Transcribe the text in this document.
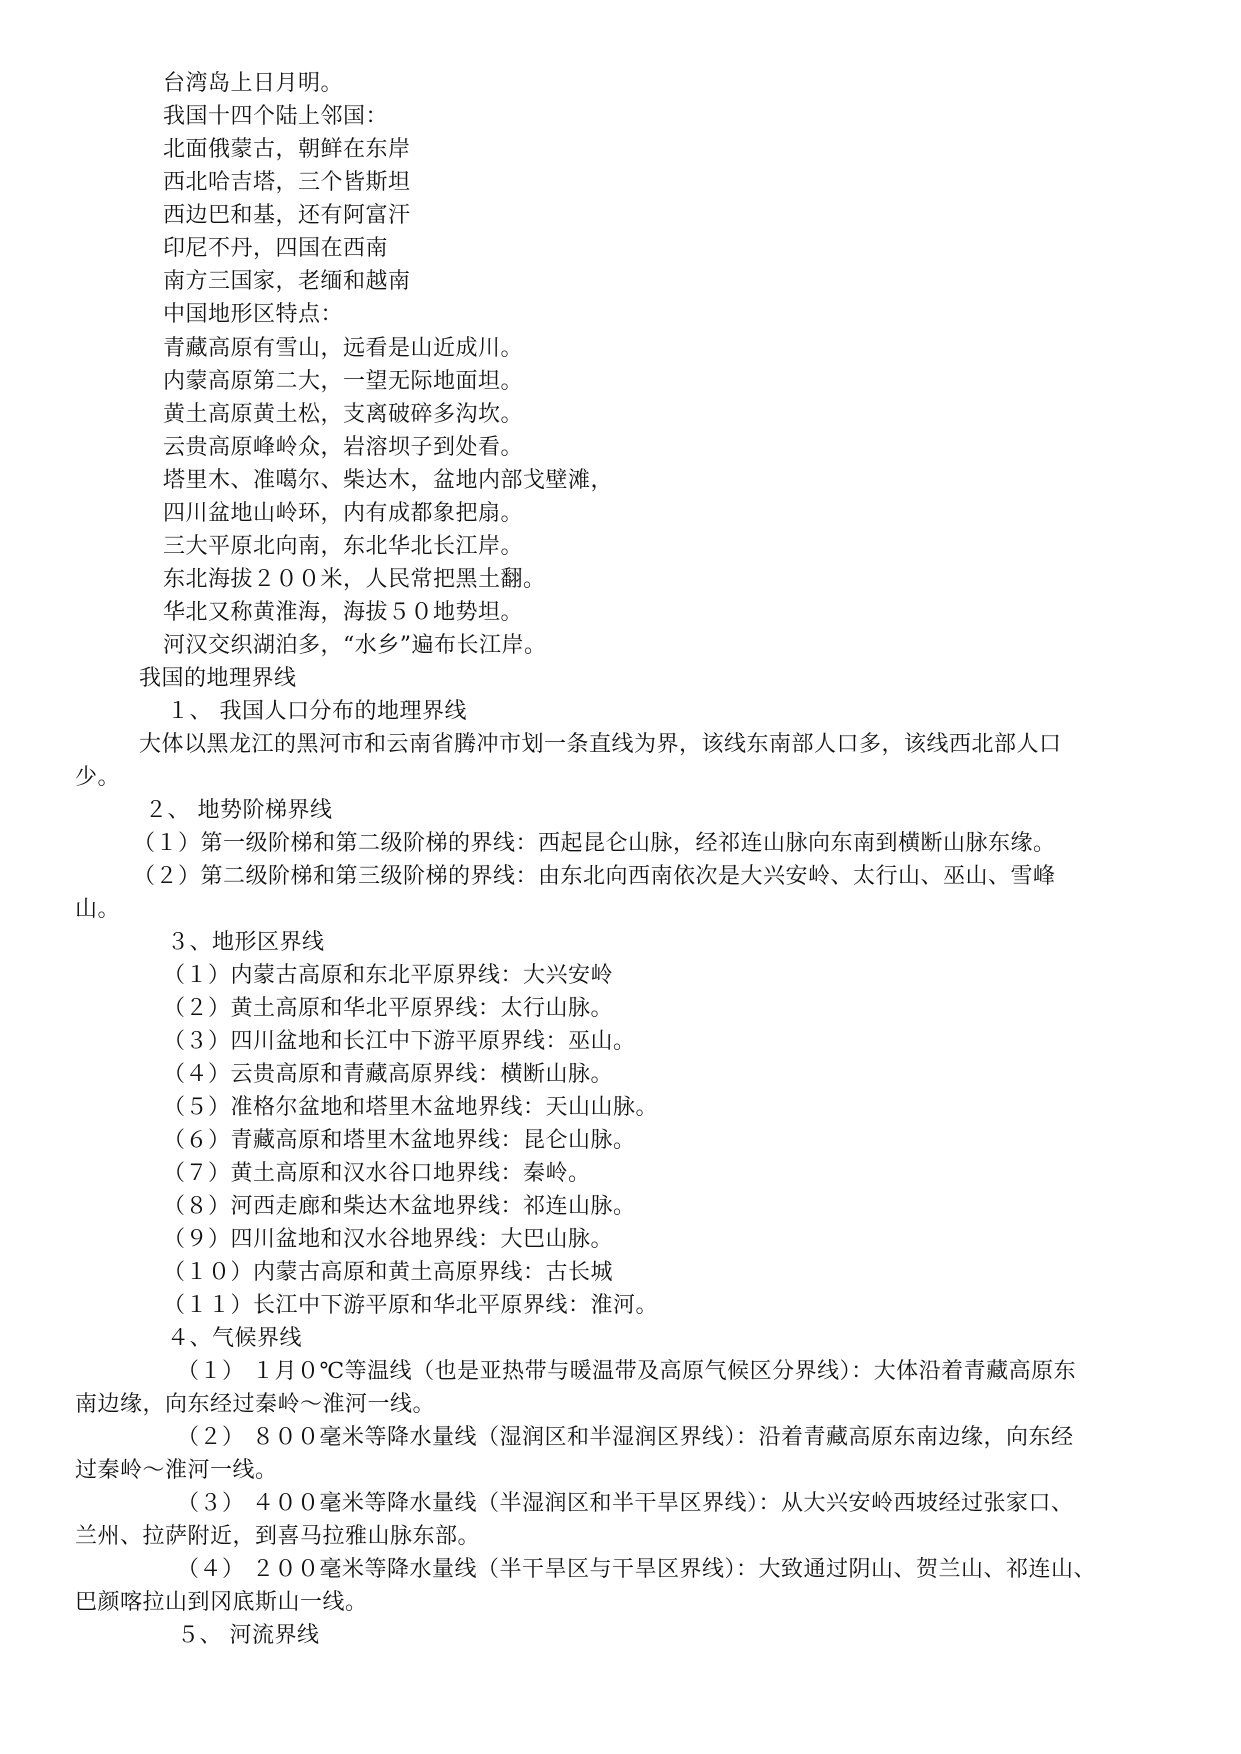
台湾岛上日月明。
我国十四个陆上邻国：
北面俄蒙古，朝鲜在东岸
西北哈吉塔，三个皆斯坦
西边巴和基，还有阿富汗
印尼不丹，四国在西南
南方三国家，老缅和越南
中国地形区特点：
青藏高原有雪山，远看是山近成川。
内蒙高原第二大，一望无际地面坦。
黄土高原黄土松，支离破碎多沟坎。
云贵高原峰岭众，岩溶坝子到处看。
塔里木、准噶尔、柴达木，盆地内部戈壁滩，
四川盆地山岭环，内有成都象把扇。
三大平原北向南，东北华北长江岸。
东北海拔２００米，人民常把黑土翻。
华北又称黄淮海，海拔５０地势坦。
河汉交织湖泊多，“水乡”遍布长江岸。
我国的地理界线
１、 我国人口分布的地理界线
大体以黑龙江的黑河市和云南省腾冲市划一条直线为界，该线东南部人口多，该线西北部人口
少。
２、 地势阶梯界线
（１）第一级阶梯和第二级阶梯的界线：西起昆仑山脉，经祁连山脉向东南到横断山脉东缘。
（２）第二级阶梯和第三级阶梯的界线：由东北向西南依次是大兴安岭、太行山、巫山、雪峰
山。
３、地形区界线
（１）内蒙古高原和东北平原界线：大兴安岭
（２）黄土高原和华北平原界线：太行山脉。
（３）四川盆地和长江中下游平原界线：巫山。
（４）云贵高原和青藏高原界线：横断山脉。
（５）准格尔盆地和塔里木盆地界线：天山山脉。
（６）青藏高原和塔里木盆地界线：昆仑山脉。
（７）黄土高原和汉水谷口地界线：秦岭。
（８）河西走廊和柴达木盆地界线：祁连山脉。
（９）四川盆地和汉水谷地界线：大巴山脉。
（１０）内蒙古高原和黄土高原界线：古长城
（１１）长江中下游平原和华北平原界线：淮河。
４、气候界线
（１） １月０℃等温线（也是亚热带与暖温带及高原气候区分界线）：大体沿着青藏高原东
南边缘，向东经过秦岭～淮河一线。
（２） ８００毫米等降水量线（湿润区和半湿润区界线）：沿着青藏高原东南边缘，向东经
过秦岭～淮河一线。
（３） ４００毫米等降水量线（半湿润区和半干旱区界线）：从大兴安岭西坡经过张家口、
兰州、拉萨附近，到喜马拉雅山脉东部。
（４） ２００毫米等降水量线（半干旱区与干旱区界线）：大致通过阴山、贺兰山、祁连山、
巴颜喀拉山到冈底斯山一线。
５、 河流界线
